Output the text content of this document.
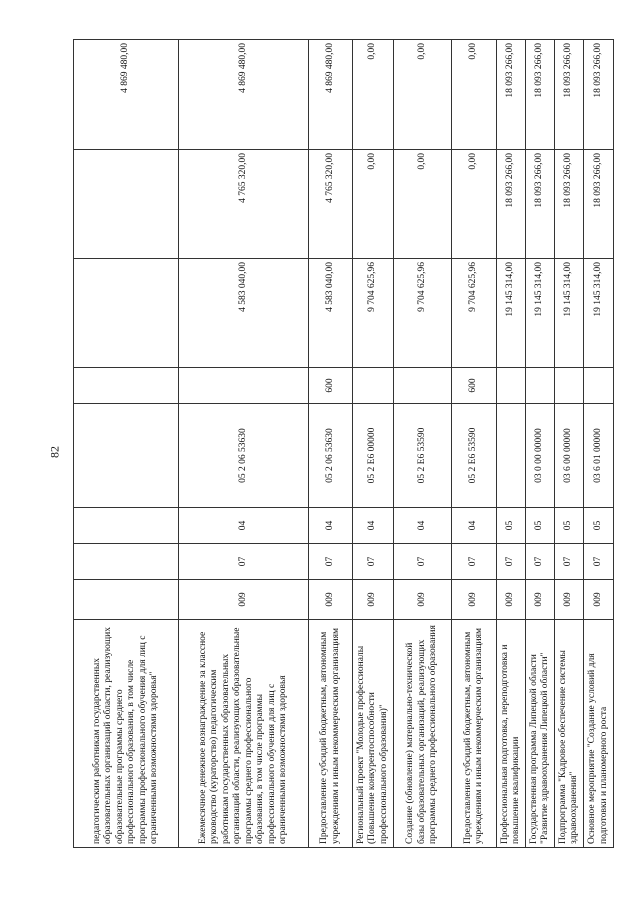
82
педагогическим работникам государственных образовательных организаций области, реализующих образовательные программы среднего профессионального образования, в том числе программы профессионального обучения для лиц с ограниченными возможностями здоровья"								4 869 480,00
Ежемесячное денежное вознаграждение за классное руководство (кураторство) педагогическим работникам государственных образовательных организаций области, реализующих образовательные программы среднего профессионального образования, в том числе программы профессионального обучения для лиц с ограниченными возможностями здоровья	009	07	04	05 2 06 53630		4 583 040,00	4 765 320,00	4 869 480,00
Предоставление субсидий бюджетным, автономным учреждениям и иным некоммерческим организациям	009	07	04	05 2 06 53630	600	4 583 040,00	4 765 320,00	4 869 480,00
Региональный проект "Молодые профессионалы (Повышение конкурентоспособности профессионального образования)"	009	07	04	05 2 E6 00000		9 704 625,96	0,00	0,00
Создание (обновление) материально-технической базы образовательных организаций, реализующих программы среднего профессионального образования	009	07	04	05 2 E6 53590		9 704 625,96	0,00	0,00
Предоставление субсидий бюджетным, автономным учреждениям и иным некоммерческим организациям	009	07	04	05 2 E6 53590	600	9 704 625,96	0,00	0,00
Профессиональная подготовка, переподготовка и повышение квалификации	009	07	05			19 145 314,00	18 093 266,00	18 093 266,00
Государственная программа Липецкой области "Развитие здравоохранения Липецкой области"	009	07	05	03 0 00 00000		19 145 314,00	18 093 266,00	18 093 266,00
Подпрограмма "Кадровое обеспечение системы здравоохранения"	009	07	05	03 6 00 00000		19 145 314,00	18 093 266,00	18 093 266,00
Основное мероприятие "Создание условий для подготовки и планомерного роста	009	07	05	03 6 01 00000		19 145 314,00	18 093 266,00	18 093 266,00
